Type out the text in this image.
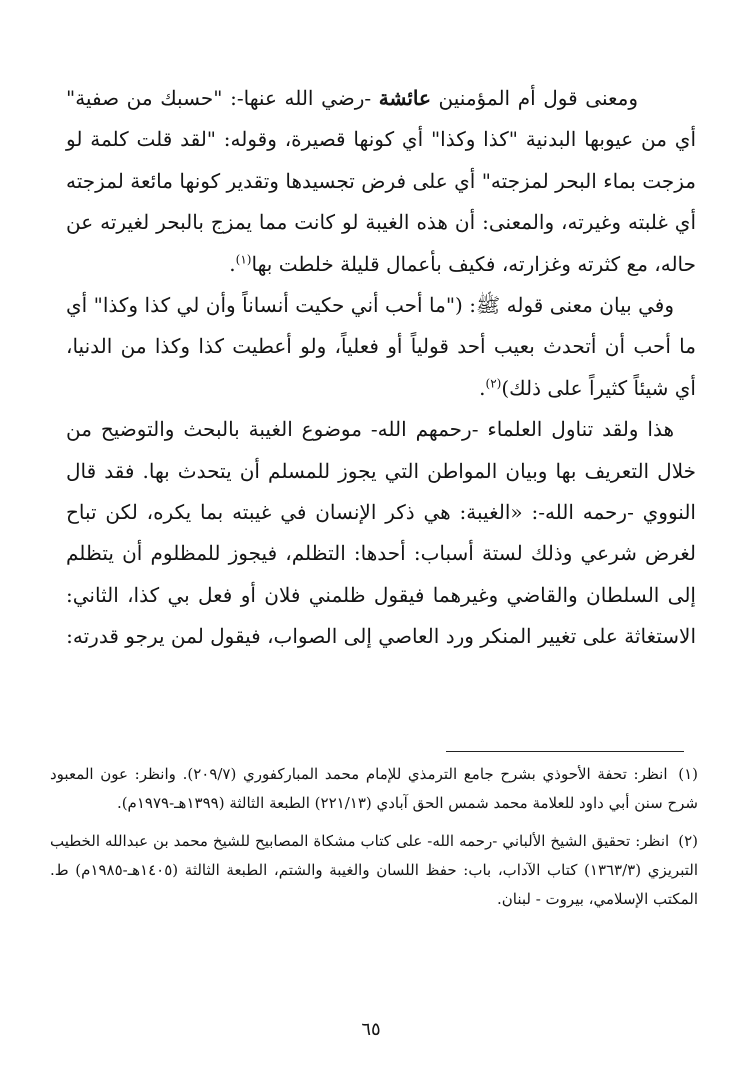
ومعنى قول أم المؤمنين عائشة -رضي الله عنها-: "حسبك من صفية" أي من عيوبها البدنية "كذا وكذا" أي كونها قصيرة، وقوله: "لقد قلت كلمة لو مزجت بماء البحر لمزجته" أي على فرض تجسيدها وتقدير كونها مائعة لمزجته أي غلبته وغيرته، والمعنى: أن هذه الغيبة لو كانت مما يمزج بالبحر لغيرته عن حاله، مع كثرته وغزارته، فكيف بأعمال قليلة خلطت بها$^{(١)}$.

وفي بيان معنى قوله ﷺ: ("ما أحب أني حكيت أنساناً وأن لي كذا وكذا" أي ما أحب أن أتحدث بعيب أحد قولياً أو فعلياً، ولو أعطيت كذا وكذا من الدنيا، أي شيئاً كثيراً على ذلك)$^{(٢)}$.

هذا ولقد تناول العلماء -رحمهم الله- موضوع الغيبة بالبحث والتوضيح من خلال التعريف بها وبيان المواطن التي يجوز للمسلم أن يتحدث بها. فقد قال النووي -رحمه الله-: «الغيبة: هي ذكر الإنسان في غيبته بما يكره، لكن تباح لغرض شرعي وذلك لستة أسباب: أحدها: التظلم، فيجوز للمظلوم أن يتظلم إلى السلطان والقاضي وغيرهما فيقول ظلمني فلان أو فعل بي كذا، الثاني: الاستغاثة على تغيير المنكر ورد العاصي إلى الصواب، فيقول لمن يرجو قدرته:

(١) انظر: تحفة الأحوذي بشرح جامع الترمذي للإمام محمد المباركفوري (٢٠٩/٧). وانظر: عون المعبود شرح سنن أبي داود للعلامة محمد شمس الحق آبادي (٢٢١/١٣) الطبعة الثالثة (١٣٩٩هـ-١٩٧٩م).

(٢) انظر: تحقيق الشيخ الألباني -رحمه الله- على كتاب مشكاة المصابيح للشيخ محمد بن عبدالله الخطيب التبريزي (١٣٦٣/٣) كتاب الآداب، باب: حفظ اللسان والغيبة والشتم، الطبعة الثالثة (١٤٠٥هـ-١٩٨٥م) ط. المكتب الإسلامي، بيروت - لبنان.

٦٥
